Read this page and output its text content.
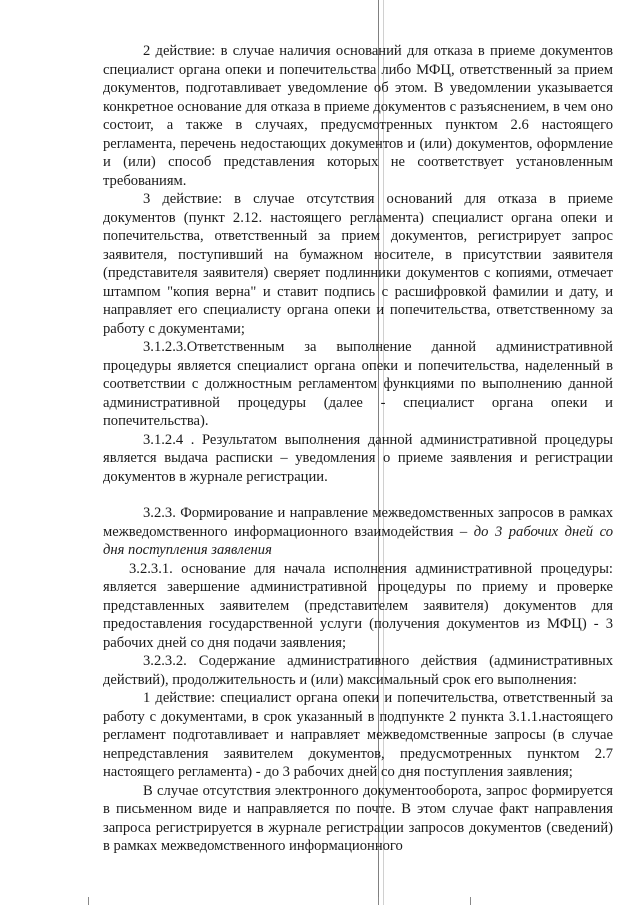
2 действие: в случае наличия оснований для отказа в приеме документов специалист органа опеки и попечительства либо МФЦ, ответственный за прием документов, подготавливает уведомление об этом. В уведомлении указывается конкретное основание для отказа в приеме документов с разъяснением, в чем оно состоит, а также в случаях, предусмотренных пунктом 2.6 настоящего регламента, перечень недостающих документов и (или) документов, оформление и (или) способ представления которых не соответствует установленным требованиям.

3 действие: в случае отсутствия оснований для отказа в приеме документов (пункт 2.12. настоящего регламента) специалист органа опеки и попечительства, ответственный за прием документов, регистрирует запрос заявителя, поступивший на бумажном носителе, в присутствии заявителя (представителя заявителя) сверяет подлинники документов с копиями, отмечает штампом "копия верна" и ставит подпись с расшифровкой фамилии и дату, и направляет его специалисту органа опеки и попечительства, ответственному за работу с документами;

3.1.2.3.Ответственным за выполнение данной административной процедуры является специалист органа опеки и попечительства, наделенный в соответствии с должностным регламентом функциями по выполнению данной административной процедуры (далее - специалист органа опеки и попечительства).

3.1.2.4 . Результатом выполнения данной административной процедуры является выдача расписки – уведомления о приеме заявления и регистрации документов в журнале регистрации.

3.2.3. Формирование и направление межведомственных запросов в рамках межведомственного информационного взаимодействия – до 3 рабочих дней со дня поступления заявления

3.2.3.1. основание для начала исполнения административной процедуры: является завершение административной процедуры по приему и проверке представленных заявителем (представителем заявителя) документов для предоставления государственной услуги (получения документов из МФЦ) - 3 рабочих дней со дня подачи заявления;

3.2.3.2. Содержание административного действия (административных действий), продолжительность и (или) максимальный срок его выполнения:

1 действие: специалист органа опеки и попечительства, ответственный за работу с документами, в срок указанный в подпункте 2 пункта 3.1.1.настоящего регламент подготавливает и направляет межведомственные запросы (в случае непредставления заявителем документов, предусмотренных пунктом 2.7 настоящего регламента) - до 3 рабочих дней со дня поступления заявления;

В случае отсутствия электронного документооборота, запрос формируется в письменном виде и направляется по почте. В этом случае факт направления запроса регистрируется в журнале регистрации запросов документов (сведений) в рамках межведомственного информационного
